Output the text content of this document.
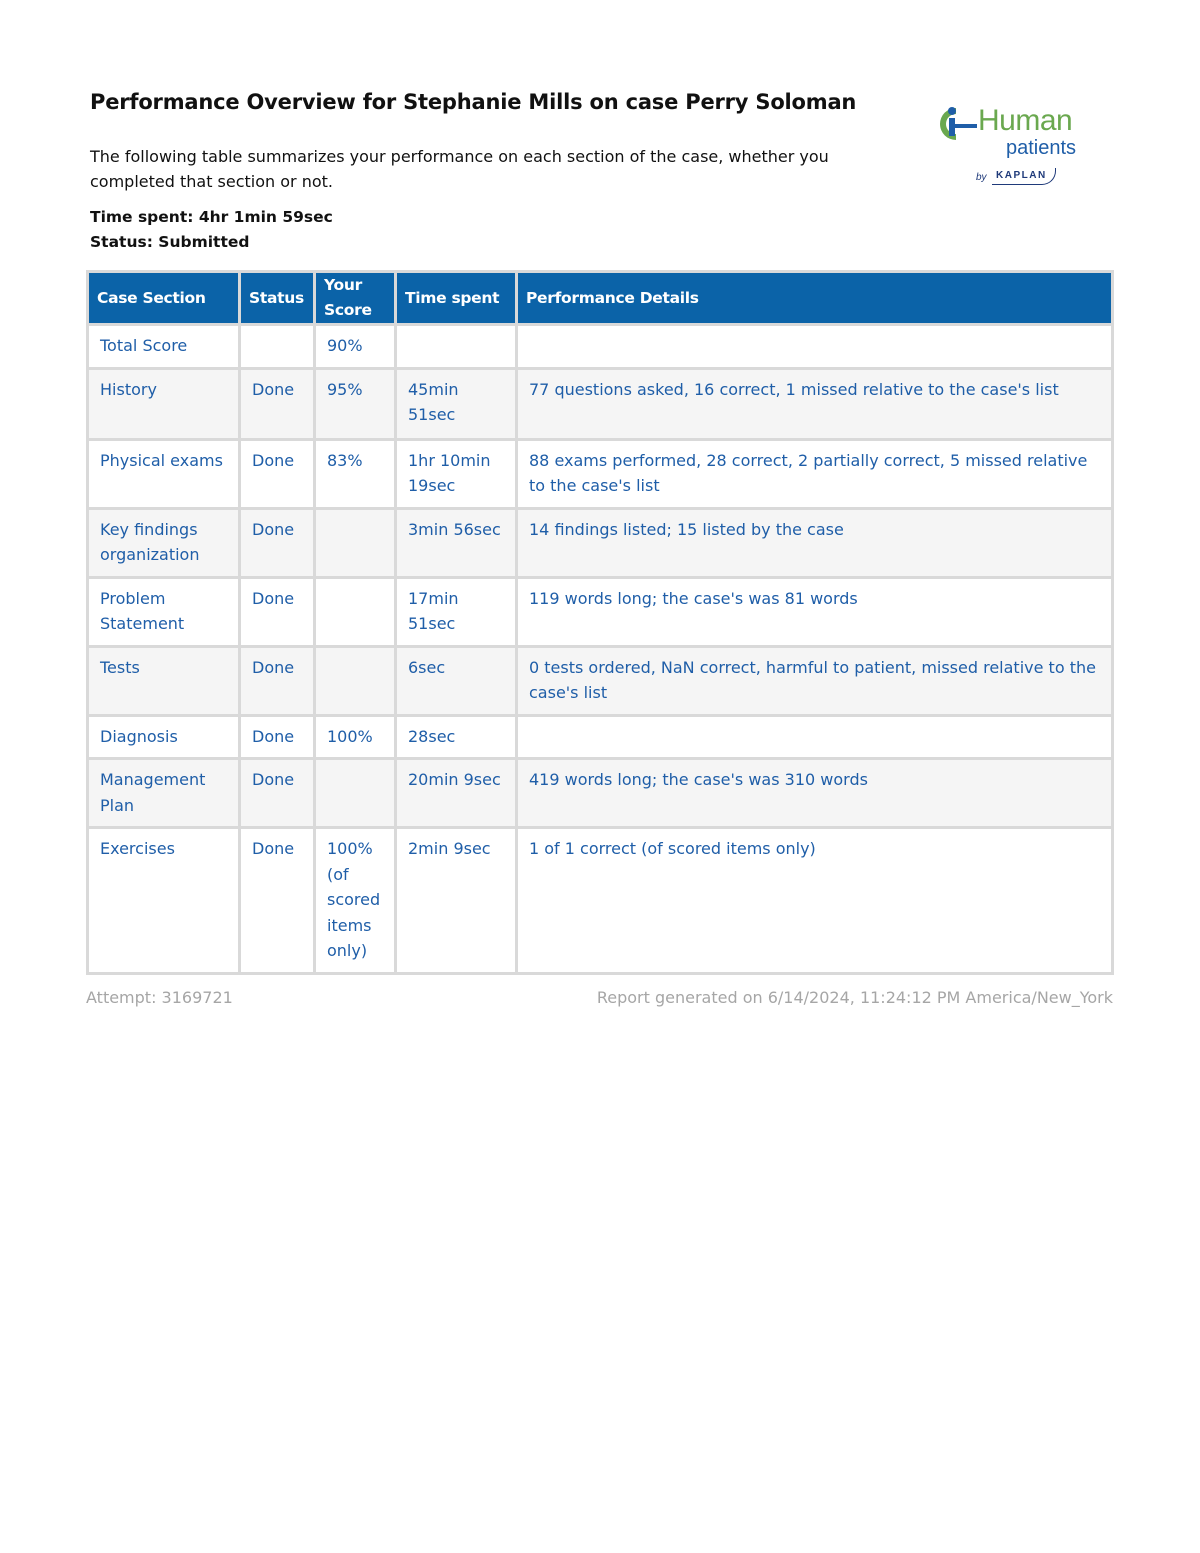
Performance Overview for Stephanie Mills on case Perry Soloman

The following table summarizes your performance on each section of the case, whether you completed that section or not.

Time spent: 4hr 1min 59sec
Status: Submitted
Human
patients
by KAPLAN
Case Section	Status	Your Score	Time spent	Performance Details
Total Score		90%		
History	Done	95%	45min 51sec	77 questions asked, 16 correct, 1 missed relative to the case's list
Physical exams	Done	83%	1hr 10min 19sec	88 exams performed, 28 correct, 2 partially correct, 5 missed relative to the case's list
Key findings organization	Done		3min 56sec	14 findings listed; 15 listed by the case
Problem Statement	Done		17min 51sec	119 words long; the case's was 81 words
Tests	Done		6sec	0 tests ordered, NaN correct, harmful to patient, missed relative to the case's list
Diagnosis	Done	100%	28sec	
Management Plan	Done		20min 9sec	419 words long; the case's was 310 words
Exercises	Done	100% (of scored items only)	2min 9sec	1 of 1 correct (of scored items only)
Attempt: 3169721	Report generated on 6/14/2024, 11:24:12 PM America/New_York
